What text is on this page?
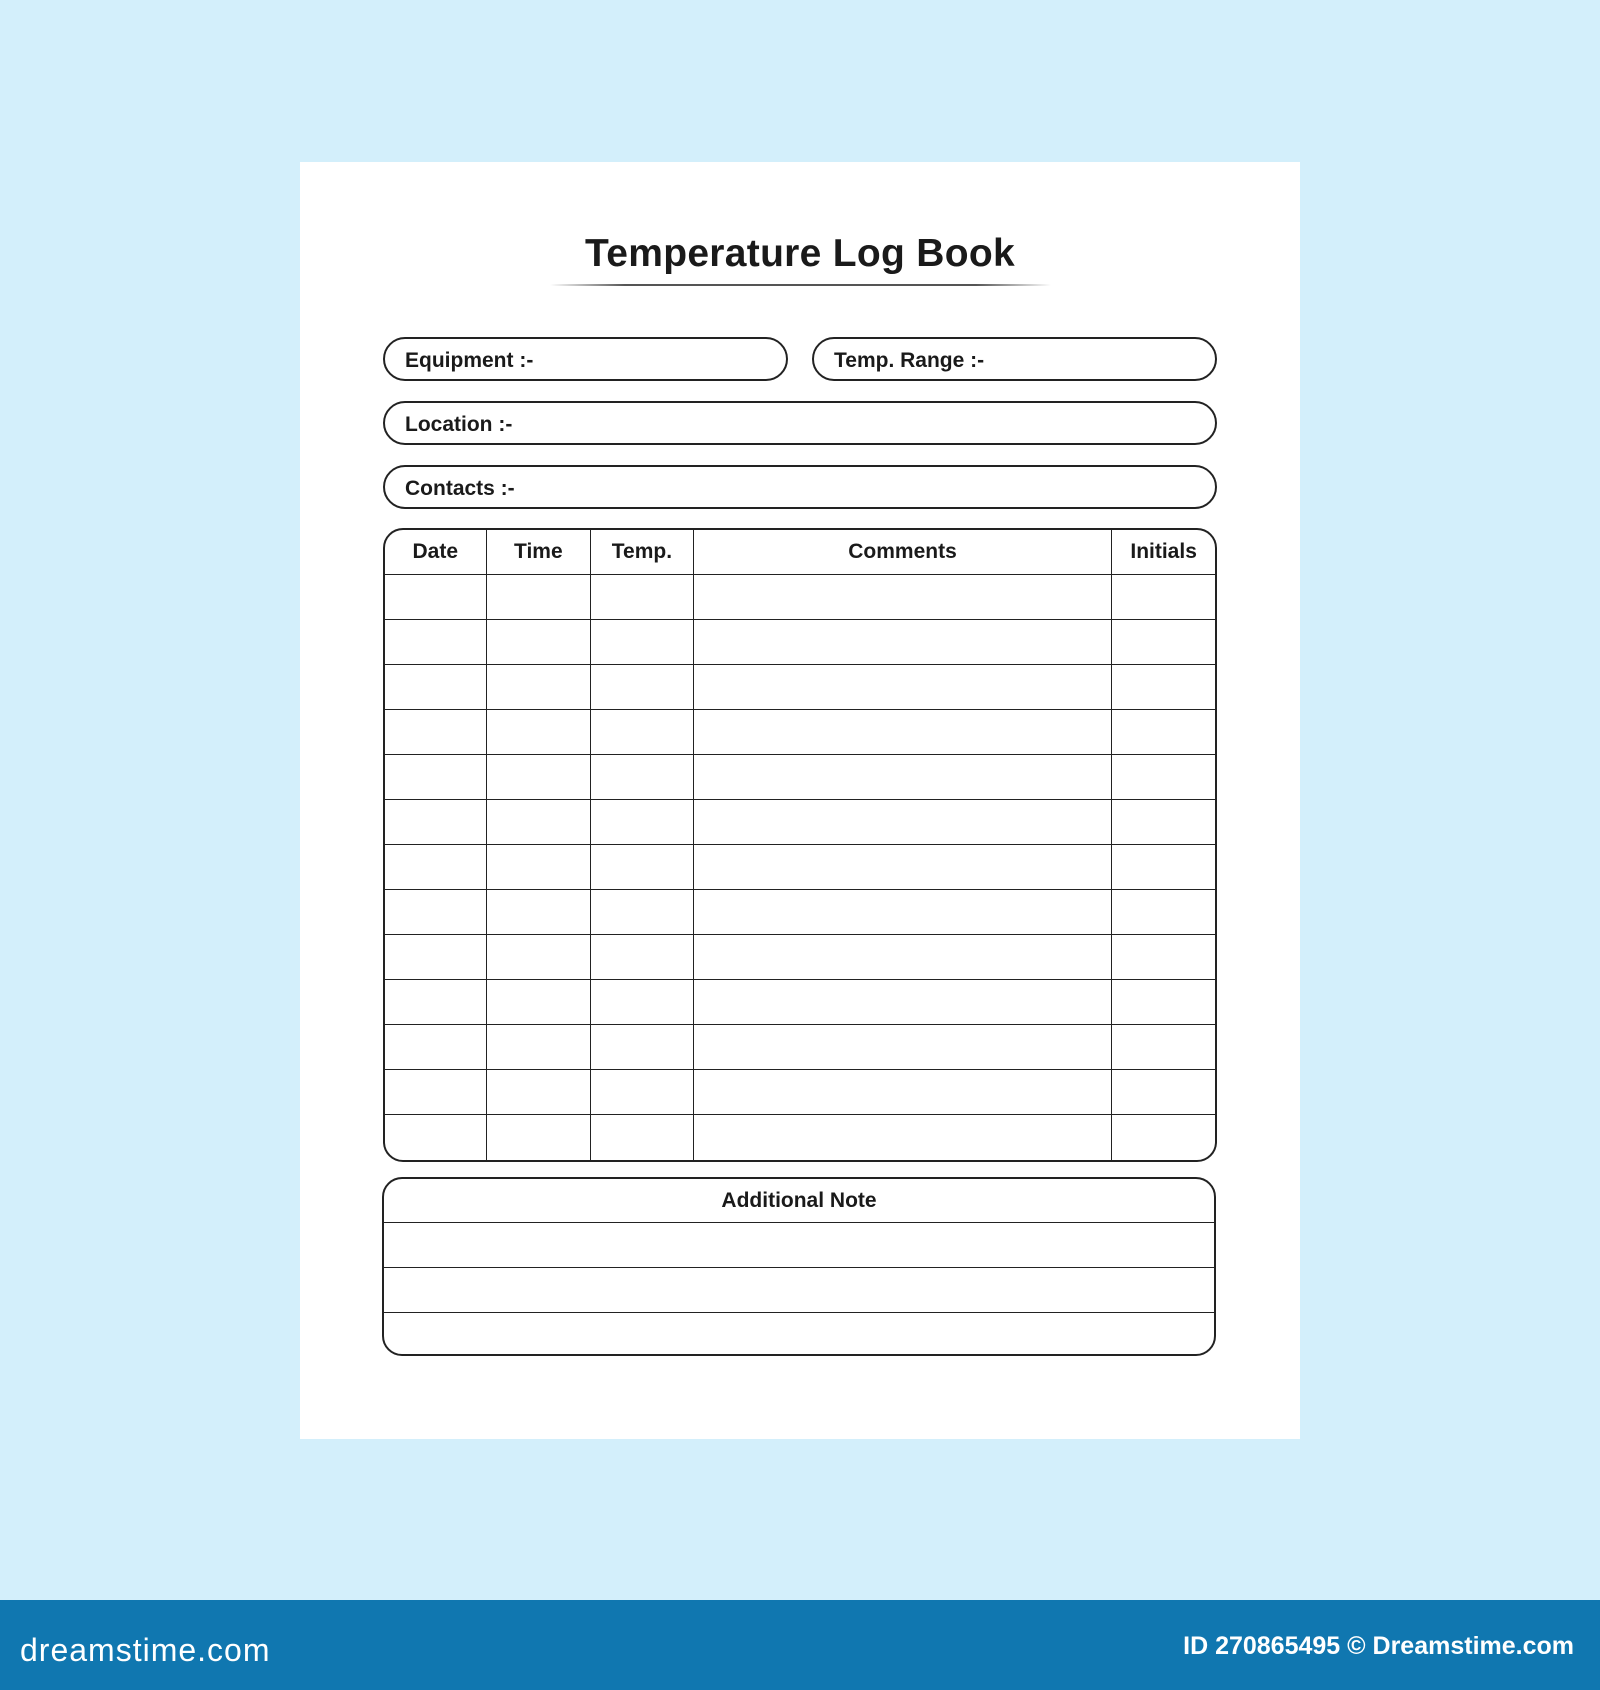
Temperature Log Book
Equipment :-	Temp. Range :-
Location :-
Contacts :-
Date	Time	Temp.	Comments	Initials

Additional Note
dreamstime.com	ID 270865495 © Dreamstime.com
